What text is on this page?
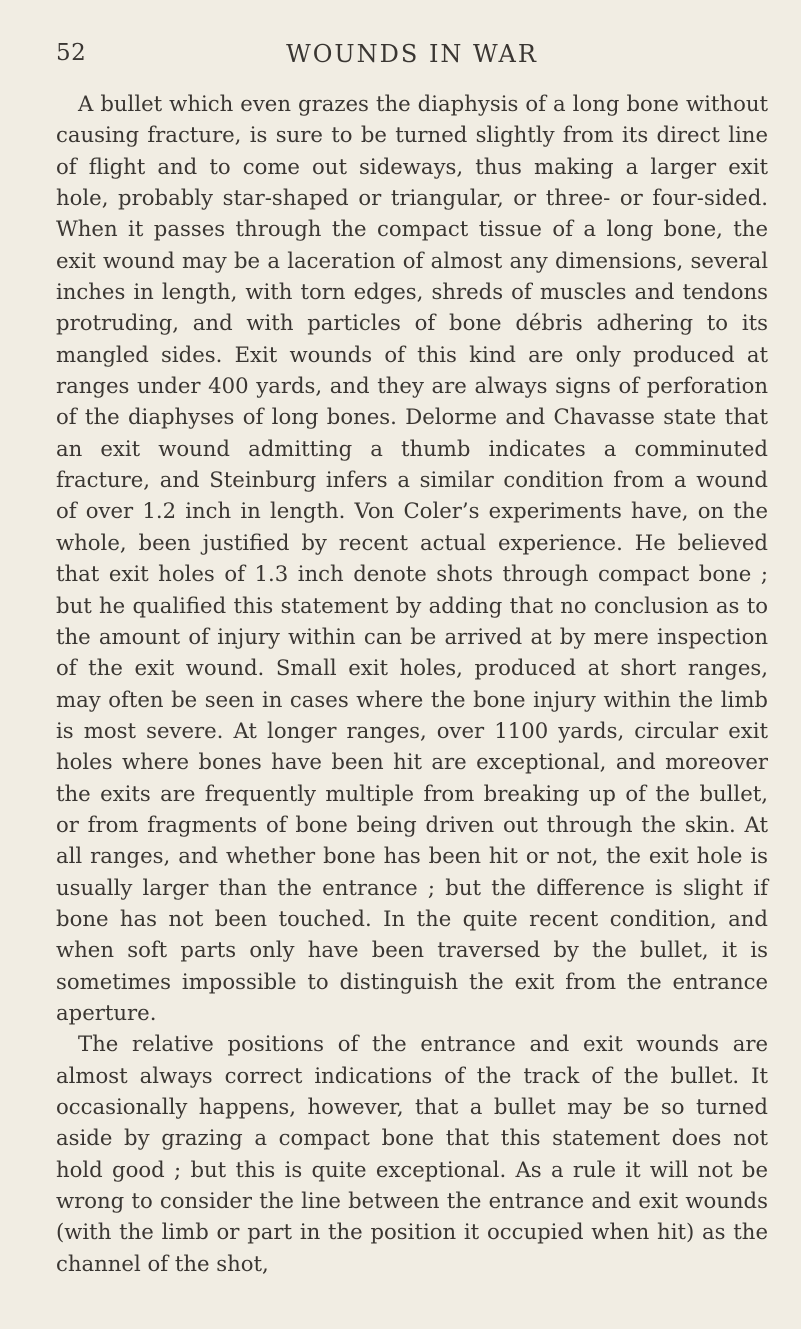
52	WOUNDS IN WAR

A bullet which even grazes the diaphysis of a long bone without causing fracture, is sure to be turned slightly from its direct line of flight and to come out sideways, thus making a larger exit hole, probably star-shaped or triangular, or three- or four-sided. When it passes through the compact tissue of a long bone, the exit wound may be a laceration of almost any dimensions, several inches in length, with torn edges, shreds of muscles and tendons protruding, and with particles of bone débris adhering to its mangled sides. Exit wounds of this kind are only produced at ranges under 400 yards, and they are always signs of perforation of the diaphyses of long bones. Delorme and Chavasse state that an exit wound admitting a thumb indicates a comminuted fracture, and Steinburg infers a similar condition from a wound of over 1.2 inch in length. Von Coler’s experiments have, on the whole, been justified by recent actual experience. He believed that exit holes of 1.3 inch denote shots through compact bone ; but he qualified this statement by adding that no conclusion as to the amount of injury within can be arrived at by mere inspection of the exit wound. Small exit holes, produced at short ranges, may often be seen in cases where the bone injury within the limb is most severe. At longer ranges, over 1100 yards, circular exit holes where bones have been hit are exceptional, and moreover the exits are frequently multiple from breaking up of the bullet, or from fragments of bone being driven out through the skin. At all ranges, and whether bone has been hit or not, the exit hole is usually larger than the entrance ; but the difference is slight if bone has not been touched. In the quite recent condition, and when soft parts only have been traversed by the bullet, it is sometimes impossible to distinguish the exit from the entrance aperture.

The relative positions of the entrance and exit wounds are almost always correct indications of the track of the bullet. It occasionally happens, however, that a bullet may be so turned aside by grazing a compact bone that this statement does not hold good ; but this is quite exceptional. As a rule it will not be wrong to consider the line between the entrance and exit wounds (with the limb or part in the position it occupied when hit) as the channel of the shot,
